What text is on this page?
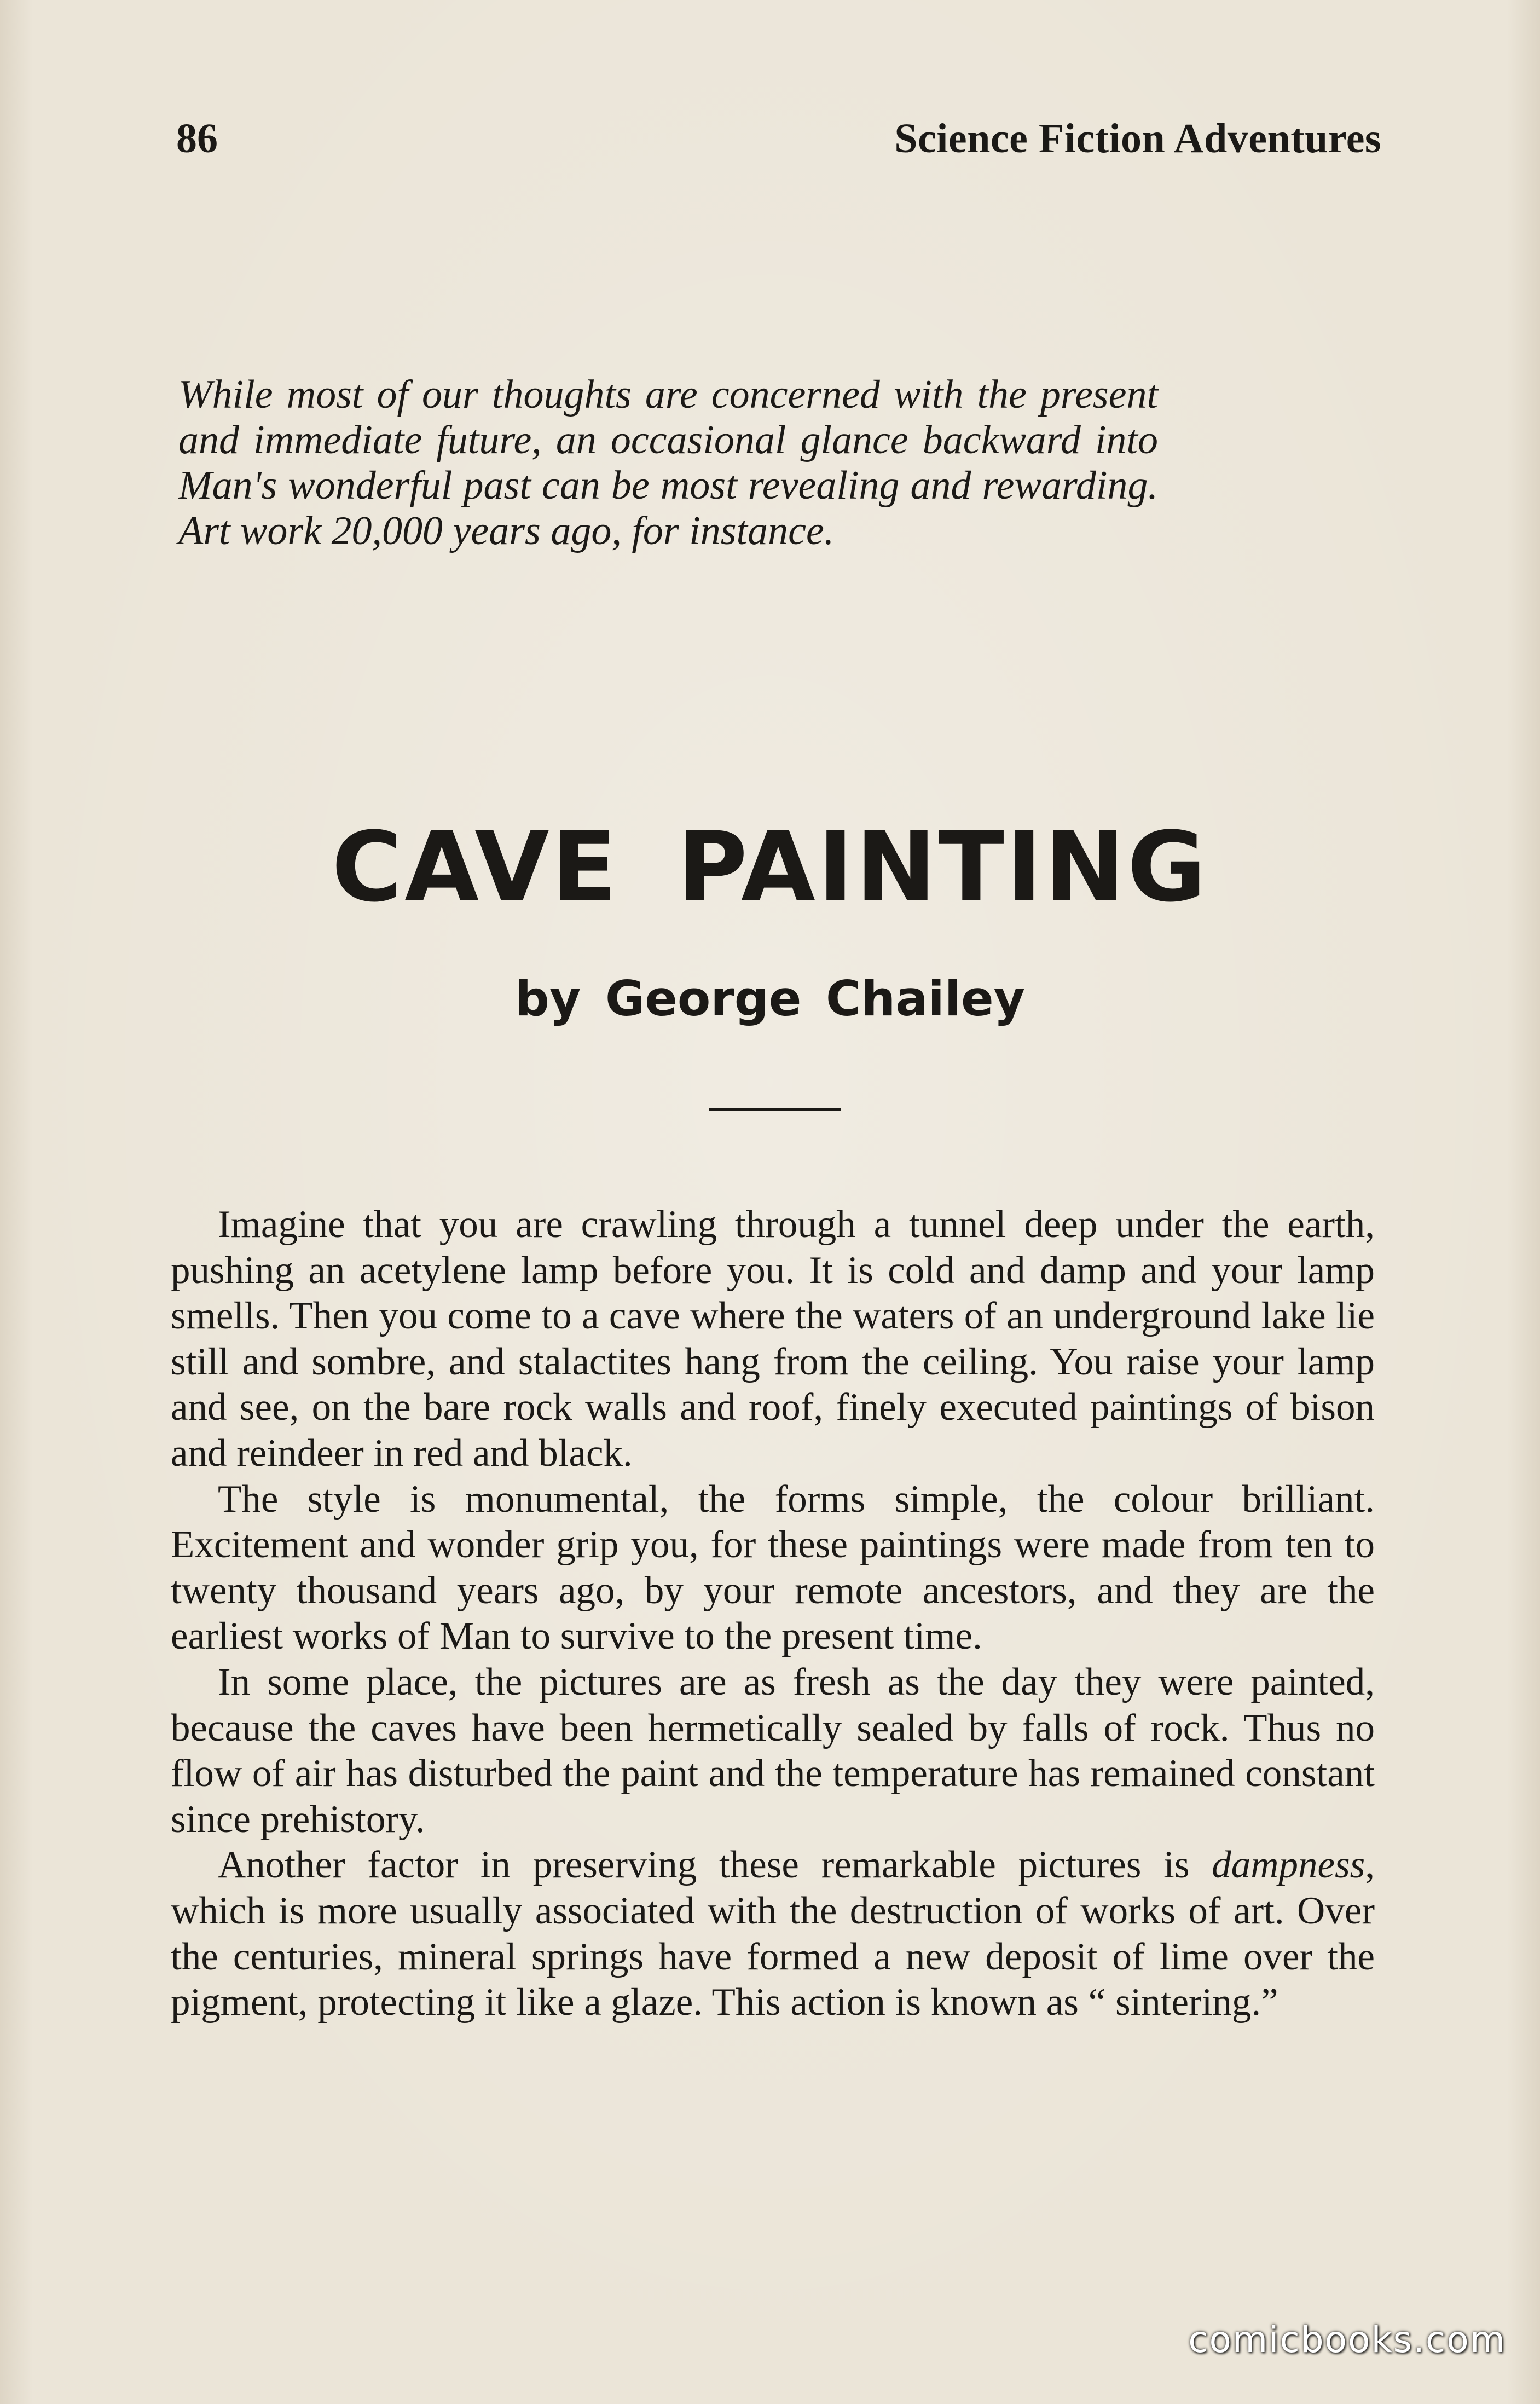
86	Science Fiction Adventures

While most of our thoughts are concerned with the present and immediate future, an occasional glance backward into Man's wonderful past can be most revealing and rewarding. Art work 20,000 years ago, for instance.

CAVE PAINTING
by George Chailey

Imagine that you are crawling through a tunnel deep under the earth, pushing an acetylene lamp before you. It is cold and damp and your lamp smells. Then you come to a cave where the waters of an underground lake lie still and sombre, and stalactites hang from the ceiling. You raise your lamp and see, on the bare rock walls and roof, finely executed paintings of bison and reindeer in red and black.

The style is monumental, the forms simple, the colour brilliant. Excitement and wonder grip you, for these paintings were made from ten to twenty thousand years ago, by your remote ancestors, and they are the earliest works of Man to survive to the present time.

In some place, the pictures are as fresh as the day they were painted, because the caves have been hermetically sealed by falls of rock. Thus no flow of air has disturbed the paint and the temperature has remained constant since prehistory.

Another factor in preserving these remarkable pictures is dampness, which is more usually associated with the destruction of works of art. Over the centuries, mineral springs have formed a new deposit of lime over the pigment, protecting it like a glaze. This action is known as “ sintering.”

comicbooks.com
